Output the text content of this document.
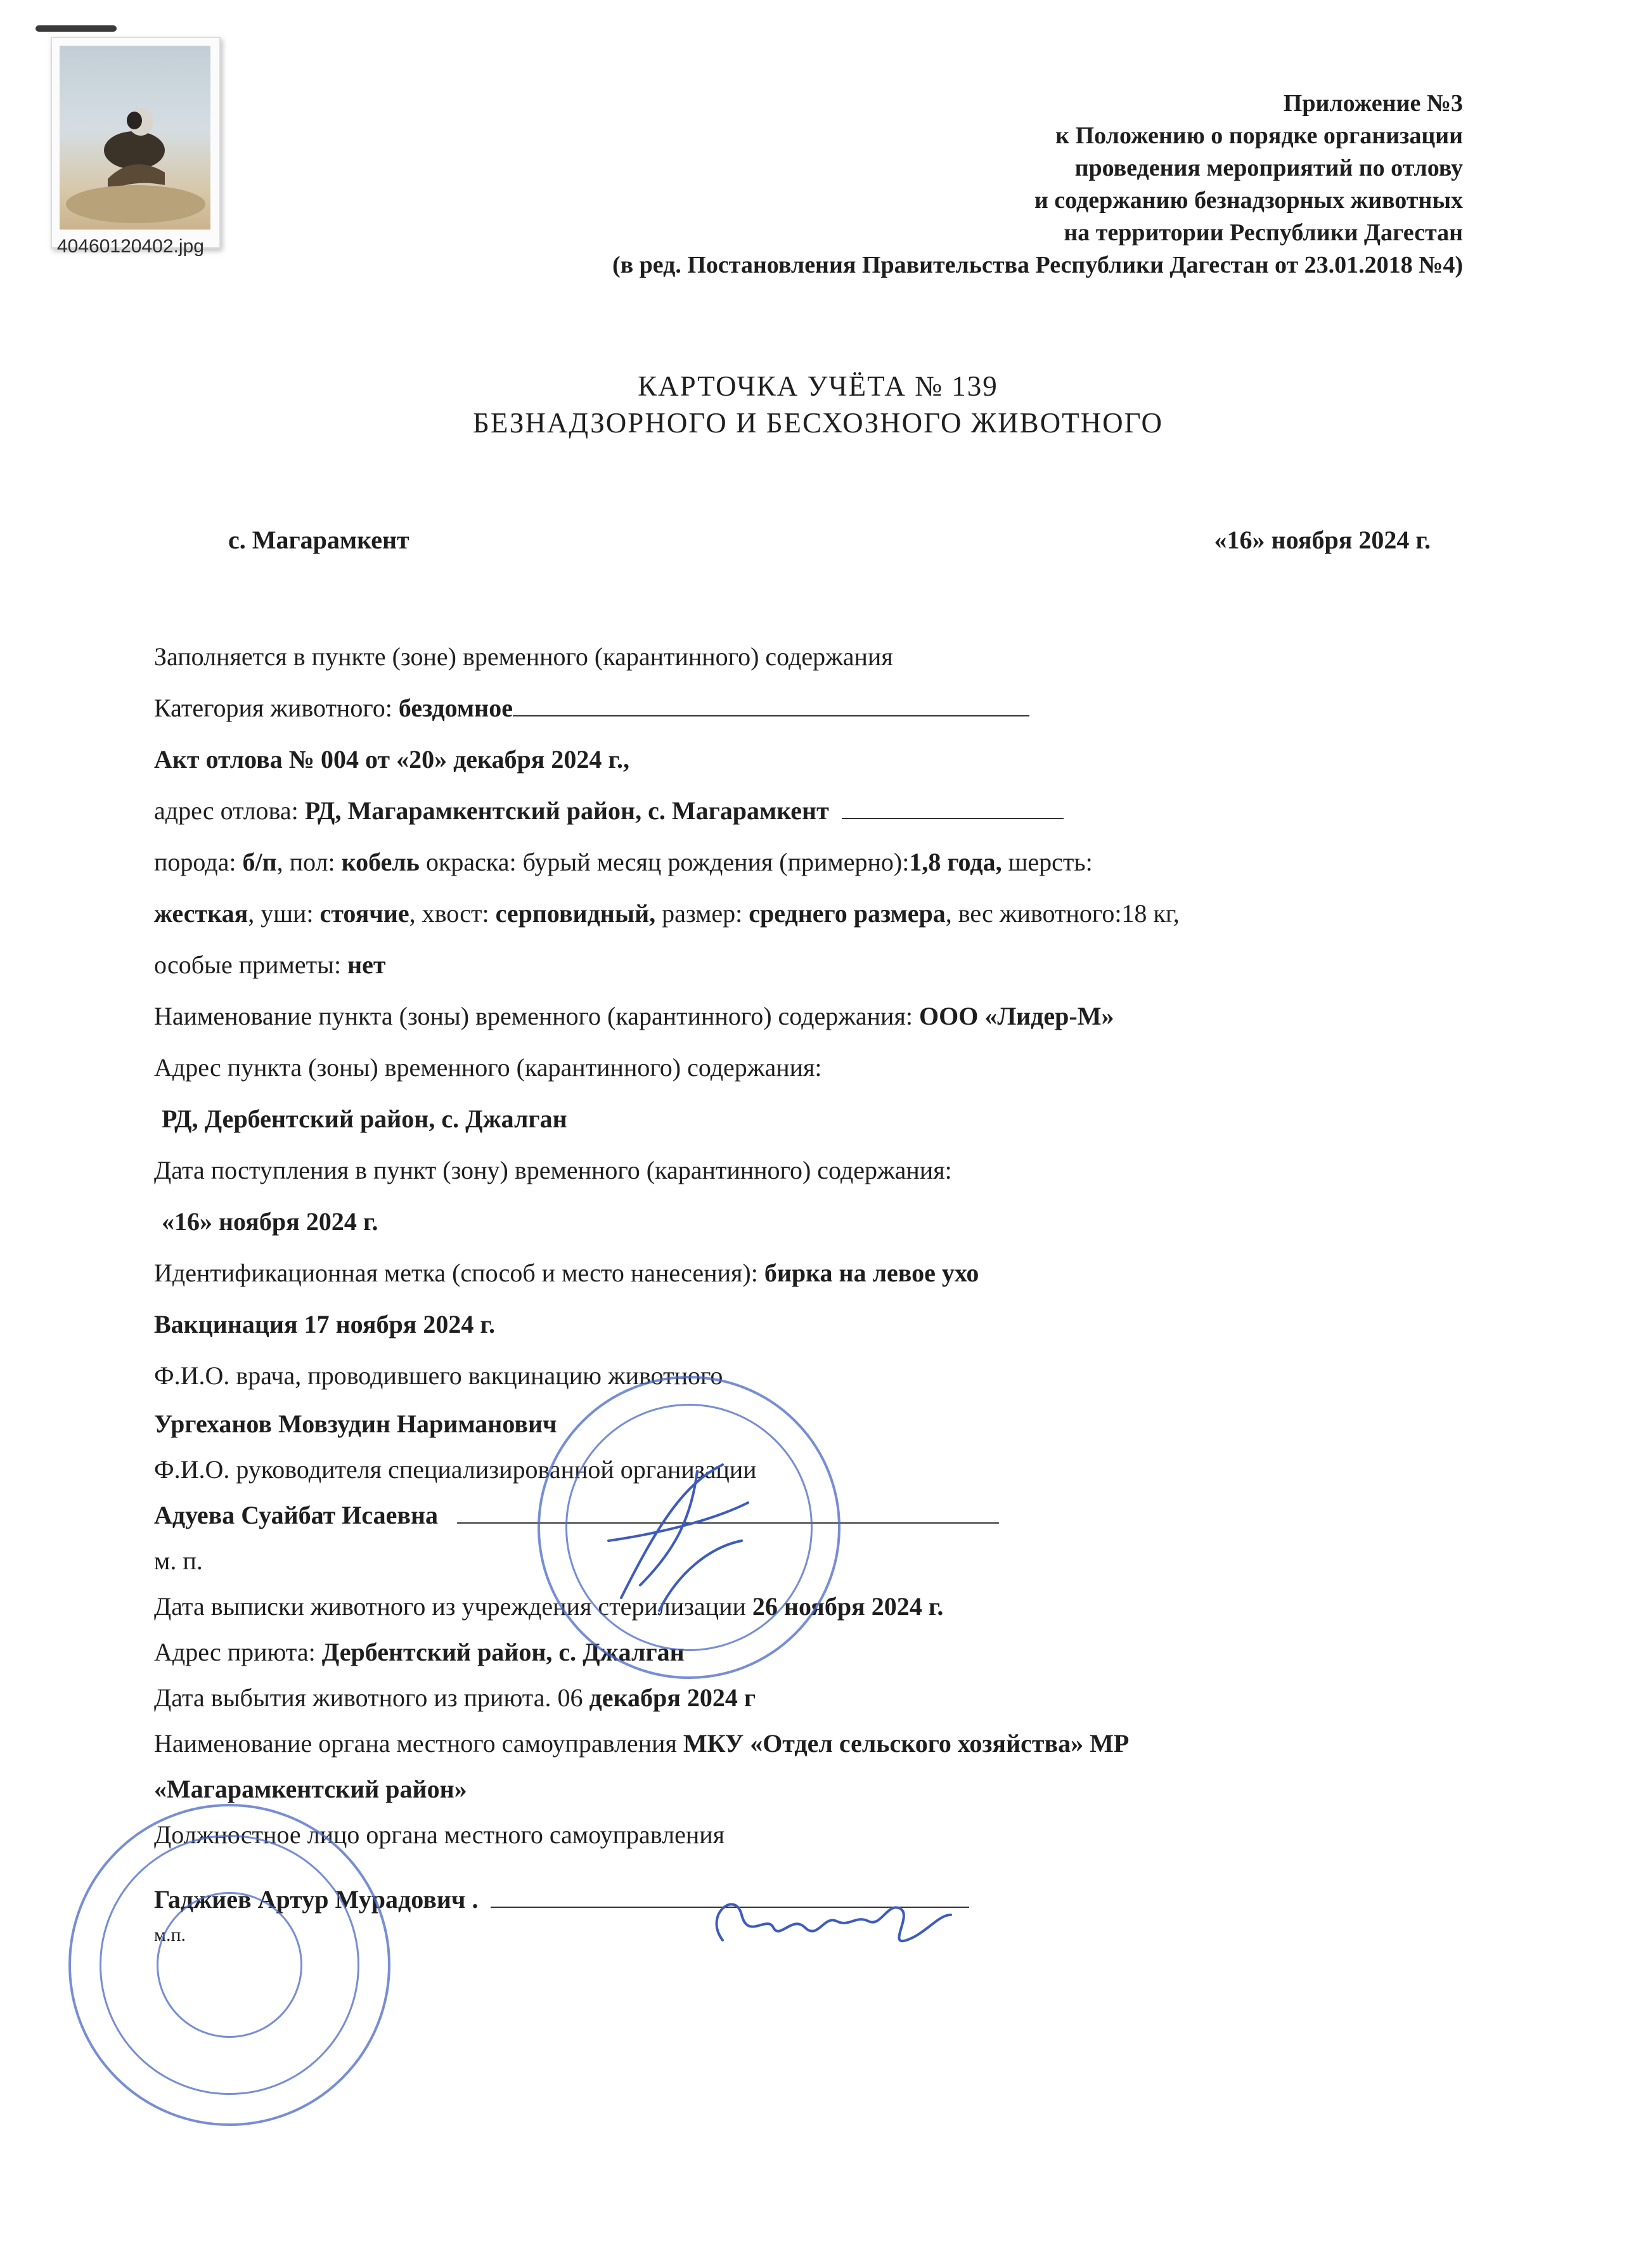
40460120402.jpg
Приложение №3
к Положению о порядке организации
проведения мероприятий по отлову
и содержанию безнадзорных животных
на территории Республики Дагестан
(в ред. Постановления Правительства Республики Дагестан от 23.01.2018 №4)
КАРТОЧКА УЧЁТА № 139
БЕЗНАДЗОРНОГО И БЕСХОЗНОГО ЖИВОТНОГО
с. Магарамкент	«16» ноября 2024 г.
Заполняется в пункте (зоне) временного (карантинного) содержания
Категория животного: бездомное
Акт отлова № 004 от «20» декабря 2024 г.,
адрес отлова: РД, Магарамкентский район, с. Магарамкент
порода: б/п, пол: кобель окраска: бурый месяц рождения (примерно):1,8 года, шерсть:
жесткая, уши: стоячие, хвост: серповидный, размер: среднего размера, вес животного:18 кг,
особые приметы: нет
Наименование пункта (зоны) временного (карантинного) содержания: ООО «Лидер-М»
Адрес пункта (зоны) временного (карантинного) содержания:
РД, Дербентский район, с. Джалган
Дата поступления в пункт (зону) временного (карантинного) содержания:
«16» ноября 2024 г.
Идентификационная метка (способ и место нанесения): бирка на левое ухо
Вакцинация 17 ноября 2024 г.
Ф.И.О. врача, проводившего вакцинацию животного
Ургеханов Мовзудин Нариманович
Ф.И.О. руководителя специализированной организации
Адуева Суайбат Исаевна
м. п.
Дата выписки животного из учреждения стерилизации 26 ноября 2024 г.
Адрес приюта: Дербентский район, с. Джалган
Дата выбытия животного из приюта. 06 декабря 2024 г
Наименование органа местного самоуправления МКУ «Отдел сельского хозяйства» МР
«Магарамкентский район»
Должностное лицо органа местного самоуправления
Гаджиев Артур Мурадович .
м.п.
